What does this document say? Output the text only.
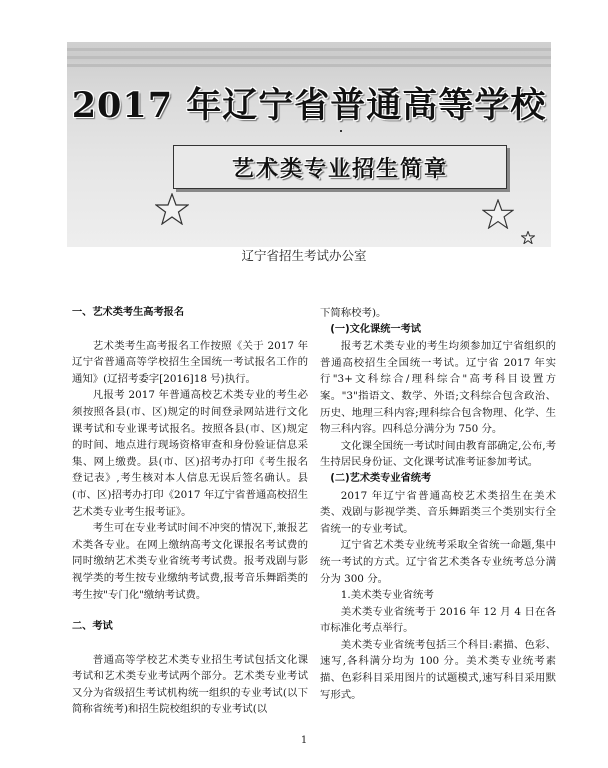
2017 年辽宁省普通高等学校
艺术类专业招生简章
辽宁省招生考试办公室

一、艺术类考生高考报名

艺术类考生高考报名工作按照《关于 2017 年辽宁省普通高等学校招生全国统一考试报名工作的通知》(辽招考委字[2016]18 号)执行。

凡报考 2017 年普通高校艺术类专业的考生必须按照各县(市、区)规定的时间登录网站进行文化课考试和专业课考试报名。按照各县(市、区)规定的时间、地点进行现场资格审查和身份验证信息采集、网上缴费。县(市、区)招考办打印《考生报名登记表》,考生核对本人信息无误后签名确认。县(市、区)招考办打印《2017 年辽宁省普通高校招生艺术类专业考生报考证》。

考生可在专业考试时间不冲突的情况下,兼报艺术类各专业。在网上缴纳高考文化课报名考试费的同时缴纳艺术类专业省统考考试费。报考戏剧与影视学类的考生按专业缴纳考试费,报考音乐舞蹈类的考生按"专门化"缴纳考试费。

二、考试

普通高等学校艺术类专业招生考试包括文化课考试和艺术类专业考试两个部分。艺术类专业考试又分为省级招生考试机构统一组织的专业考试(以下简称省统考)和招生院校组织的专业考试(以

下简称校考)。

(一)文化课统一考试

报考艺术类专业的考生均须参加辽宁省组织的普通高校招生全国统一考试。辽宁省 2017 年实行"3+文科综合/理科综合"高考科目设置方案。"3"指语文、数学、外语;文科综合包含政治、历史、地理三科内容;理科综合包含物理、化学、生物三科内容。四科总分满分为 750 分。

文化课全国统一考试时间由教育部确定,公布,考生持居民身份证、文化课考试准考证参加考试。

(二)艺术类专业省统考

2017 年辽宁省普通高校艺术类招生在美术类、戏剧与影视学类、音乐舞蹈类三个类别实行全省统一的专业考试。

辽宁省艺术类专业统考采取全省统一命题,集中统一考试的方式。辽宁省艺术类各专业统考总分满分为 300 分。

1.美术类专业省统考

美术类专业省统考于 2016 年 12 月 4 日在各市标准化考点举行。

美术类专业省统考包括三个科目:素描、色彩、速写,各科满分均为 100 分。美术类专业统考素描、色彩科目采用图片的试题模式,速写科目采用默写形式。

1
